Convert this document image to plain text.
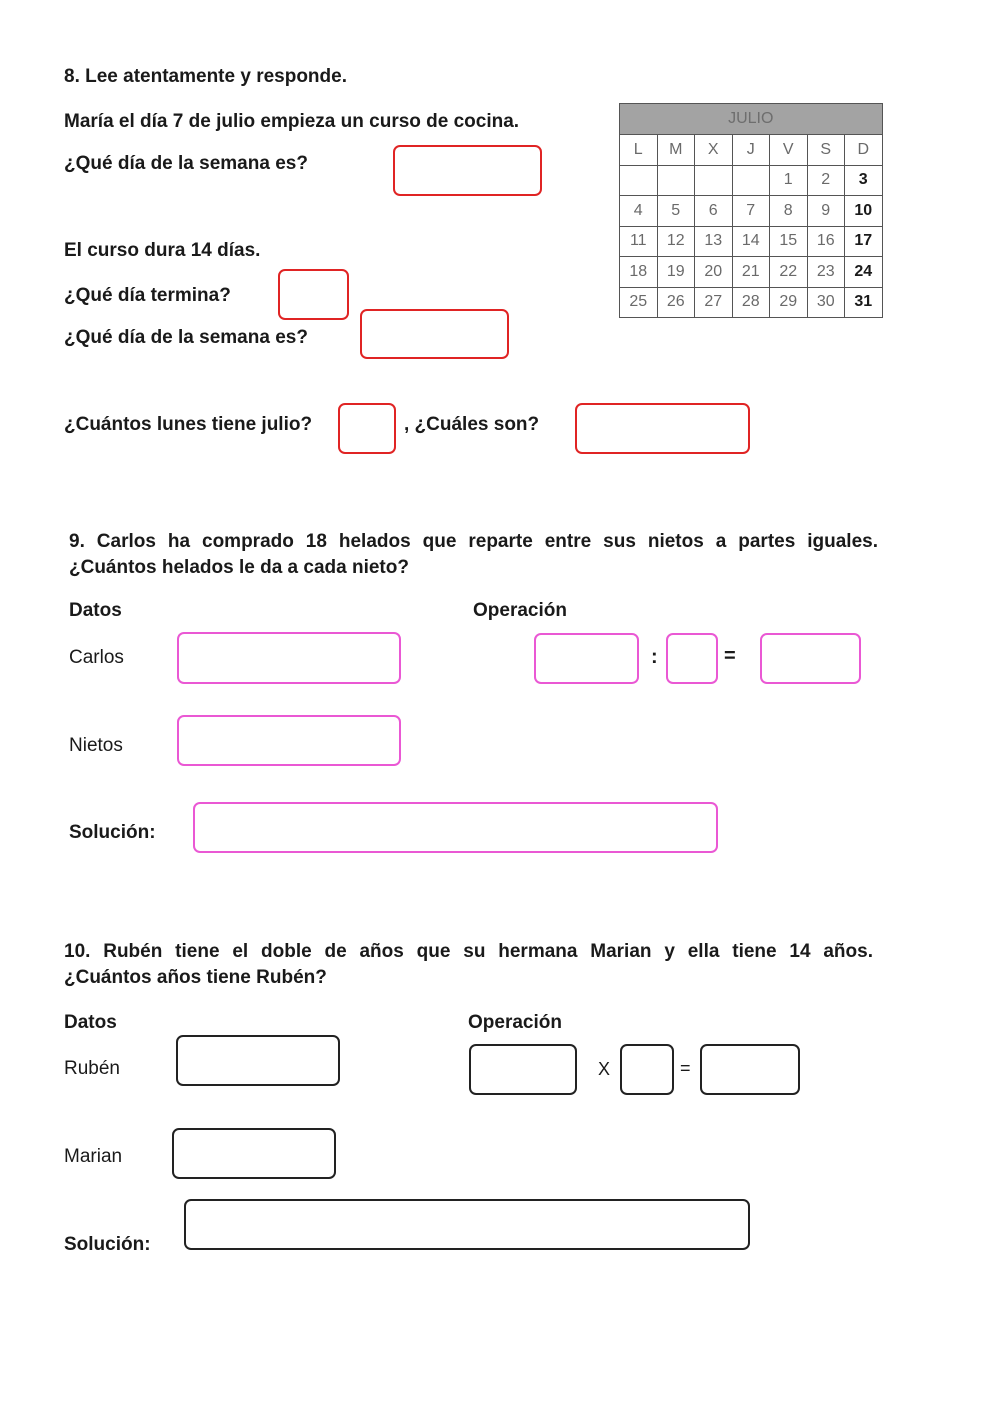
8. Lee atentamente y responde.
María el día 7 de julio empieza un curso de cocina.
¿Qué día de la semana es?
El curso dura 14 días.
¿Qué día termina?
¿Qué día de la semana es?
¿Cuántos lunes tiene julio?	, ¿Cuáles son?
JULIO						
L	M	X	J	V	S	D
				1	2	3
4	5	6	7	8	9	10
11	12	13	14	15	16	17
18	19	20	21	22	23	24
25	26	27	28	29	30	31
9. Carlos ha comprado 18 helados que reparte entre sus nietos a partes iguales.
¿Cuántos helados le da a cada nieto?
Datos	Operación
Carlos
Nietos
:	=
Solución:
10. Rubén tiene el doble de años que su hermana Marian y ella tiene 14 años.
¿Cuántos años tiene Rubén?
Datos	Operación
Rubén
Marian
X	=
Solución:
